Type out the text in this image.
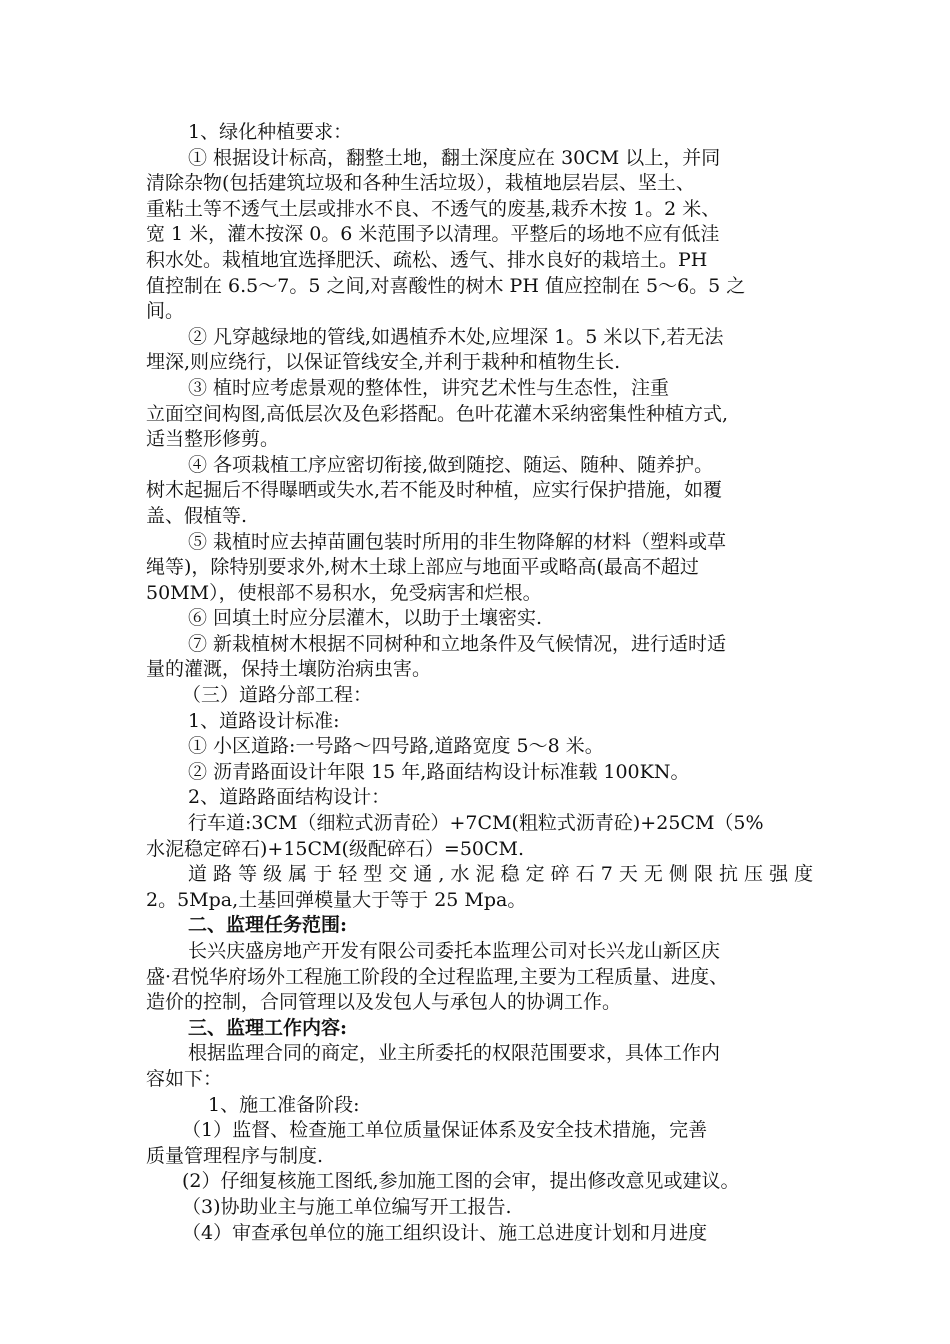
1、绿化种植要求：

① 根据设计标高，翻整土地，翻土深度应在 30CM 以上，并同

清除杂物(包括建筑垃圾和各种生活垃圾），栽植地层岩层、坚土、

重粘土等不透气土层或排水不良、不透气的废基,栽乔木按 1。2 米、

宽 1 米，灌木按深 0。6 米范围予以清理。平整后的场地不应有低洼

积水处。栽植地宜选择肥沃、疏松、透气、排水良好的栽培土。PH

值控制在 6.5～7。5 之间,对喜酸性的树木 PH 值应控制在 5～6。5 之

间。

② 凡穿越绿地的管线,如遇植乔木处,应埋深 1。5 米以下,若无法

埋深,则应绕行，以保证管线安全,并利于栽种和植物生长.

③ 植时应考虑景观的整体性，讲究艺术性与生态性，注重

立面空间构图,高低层次及色彩搭配。色叶花灌木采纳密集性种植方式,

适当整形修剪。

④ 各项栽植工序应密切衔接,做到随挖、随运、随种、随养护。

树木起掘后不得曝晒或失水,若不能及时种植，应实行保护措施，如覆

盖、假植等.

⑤ 栽植时应去掉苗圃包装时所用的非生物降解的材料（塑料或草

绳等)，除特别要求外,树木土球上部应与地面平或略高(最高不超过

50MM），使根部不易积水，免受病害和烂根。

⑥ 回填土时应分层灌木，以助于土壤密实.

⑦ 新栽植树木根据不同树种和立地条件及气候情况，进行适时适

量的灌溉，保持土壤防治病虫害。

（三）道路分部工程：

1、道路设计标准:

① 小区道路:一号路～四号路,道路宽度 5～8 米。

② 沥青路面设计年限 15 年,路面结构设计标准载 100KN。

2、道路路面结构设计：

行车道:3CM（细粒式沥青砼）+7CM(粗粒式沥青砼)+25CM（5%

水泥稳定碎石)+15CM(级配碎石）=50CM.

道 路 等 级 属 于 轻 型 交 通 , 水 泥 稳 定 碎 石 7 天 无 侧 限 抗 压 强 度

2。5Mpa,土基回弹模量大于等于 25 Mpa。

二、监理任务范围:

长兴庆盛房地产开发有限公司委托本监理公司对长兴龙山新区庆

盛·君悦华府场外工程施工阶段的全过程监理,主要为工程质量、进度、

造价的控制，合同管理以及发包人与承包人的协调工作。

三、监理工作内容:

根据监理合同的商定，业主所委托的权限范围要求，具体工作内

容如下：

1、施工准备阶段:

（1）监督、检查施工单位质量保证体系及安全技术措施，完善

质量管理程序与制度.

(2）仔细复核施工图纸,参加施工图的会审，提出修改意见或建议。

（3)协助业主与施工单位编写开工报告.

（4）审查承包单位的施工组织设计、施工总进度计划和月进度
